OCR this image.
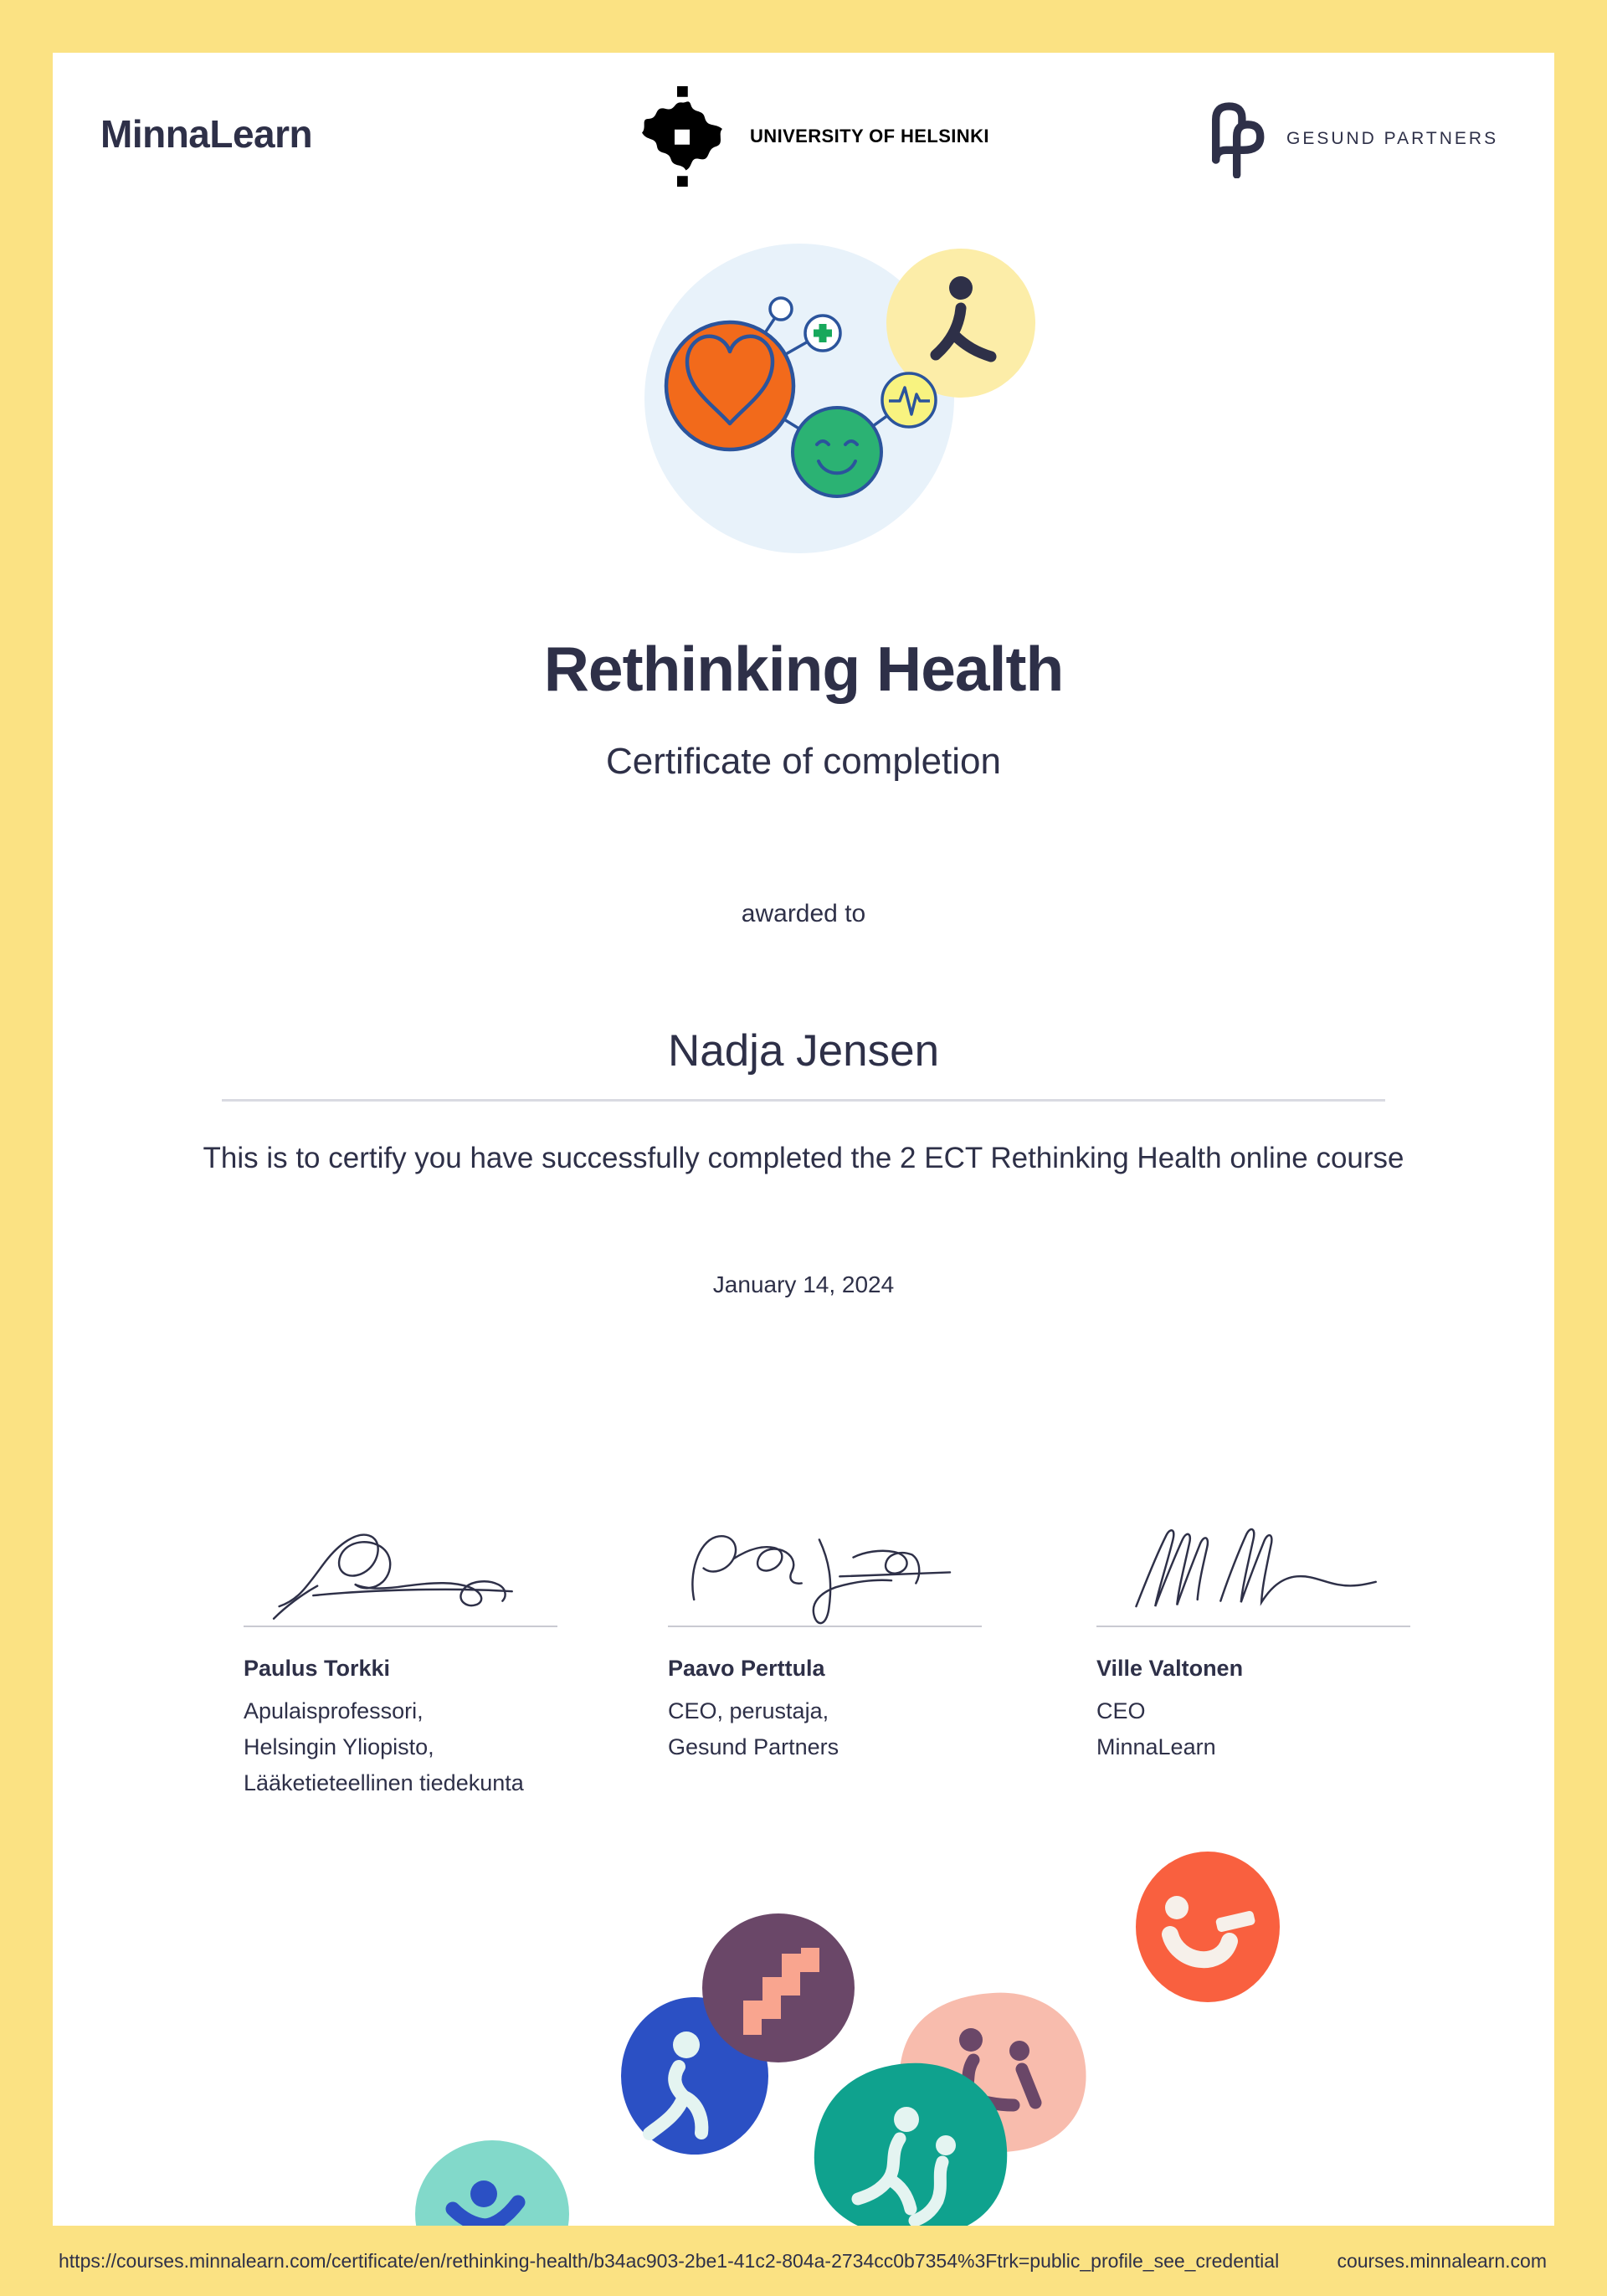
MinnaLearn	UNIVERSITY OF HELSINKI	GESUND PARTNERS
Rethinking Health
Certificate of completion
awarded to
Nadja Jensen
This is to certify you have successfully completed the 2 ECT Rethinking Health online course
January 14, 2024
Paulus Torkki
Apulaisprofessori,
Helsingin Yliopisto,
Lääketieteellinen tiedekunta
Paavo Perttula
CEO, perustaja,
Gesund Partners
Ville Valtonen
CEO
MinnaLearn
https://courses.minnalearn.com/certificate/en/rethinking-health/b34ac903-2be1-41c2-804a-2734cc0b7354%3Ftrk=public_profile_see_credential	courses.minnalearn.com
